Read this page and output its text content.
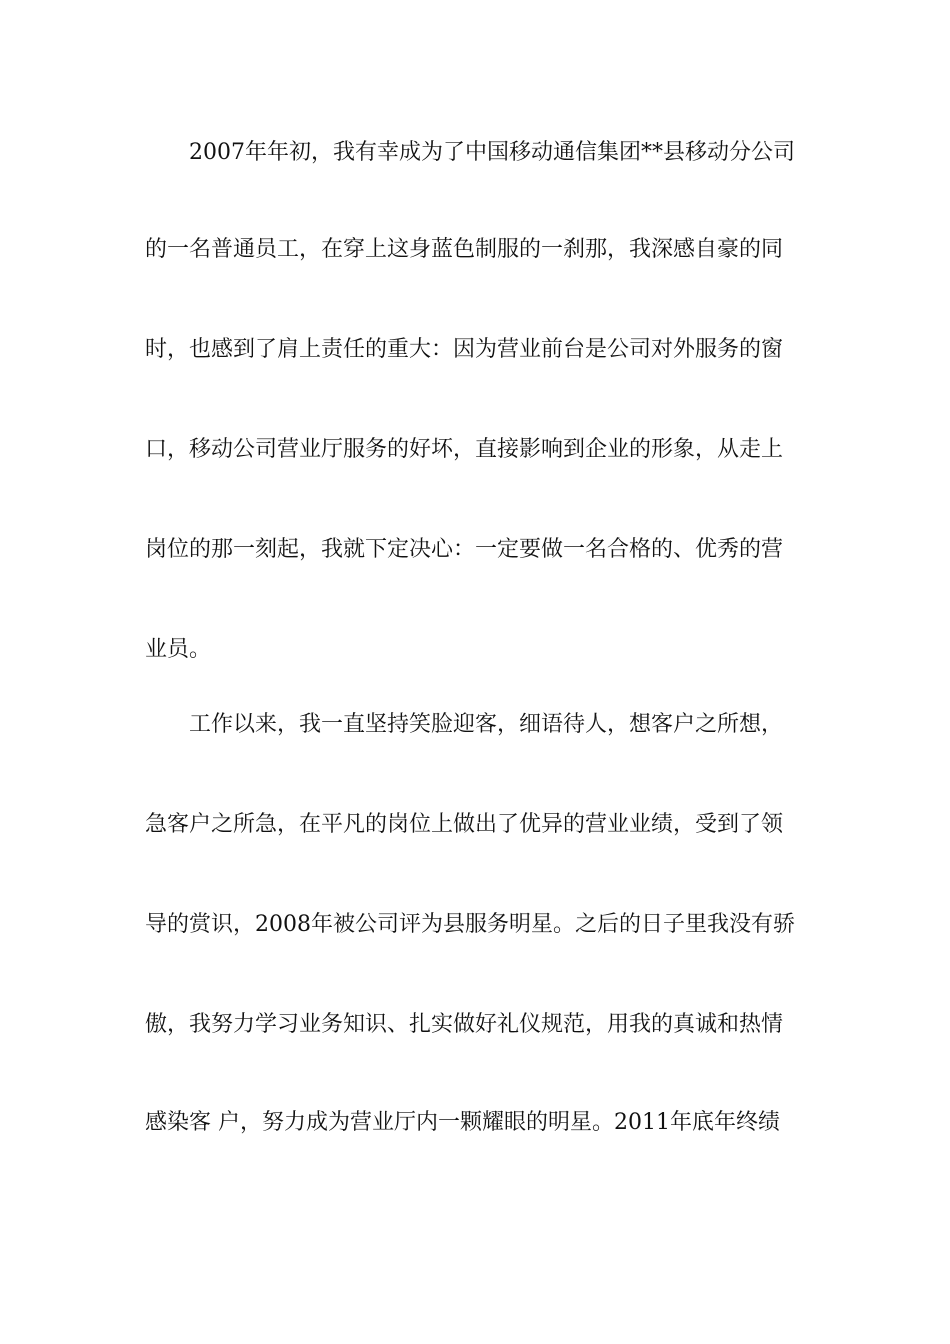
2007年年初，我有幸成为了中国移动通信集团**县移动分公司

的一名普通员工，在穿上这身蓝色制服的一刹那，我深感自豪的同

时，也感到了肩上责任的重大：因为营业前台是公司对外服务的窗

口，移动公司营业厅服务的好坏，直接影响到企业的形象，从走上

岗位的那一刻起，我就下定决心：一定要做一名合格的、优秀的营

业员。

工作以来，我一直坚持笑脸迎客，细语待人，想客户之所想，

急客户之所急，在平凡的岗位上做出了优异的营业业绩，受到了领

导的赏识，2008年被公司评为县服务明星。之后的日子里我没有骄

傲，我努力学习业务知识、扎实做好礼仪规范，用我的真诚和热情

感染客 户，努力成为营业厅内一颗耀眼的明星。2011年底年终绩
